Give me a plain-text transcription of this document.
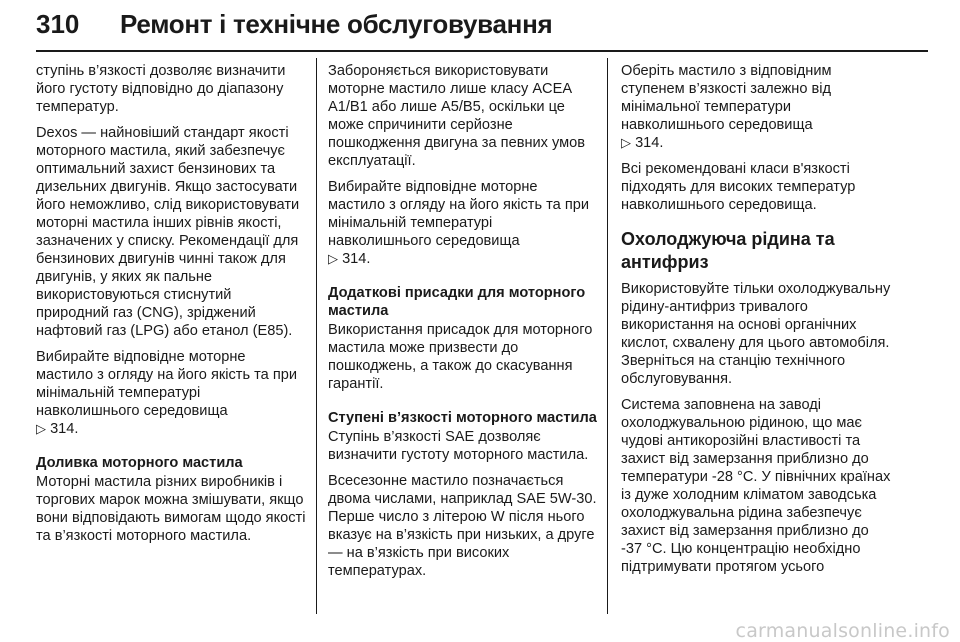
310	Ремонт і технічне обслуговування

ступінь в’язкості дозволяє визначити його густоту відповідно до діапазону температур.

Dexos — найновіший стандарт якості моторного мастила, який забезпечує оптимальний захист бензинових та дизельних двигунів. Якщо застосувати його неможливо, слід використовувати моторні мастила інших рівнів якості, зазначених у списку. Рекомендації для бензинових двигунів чинні також для двигунів, у яких як пальне використовуються стиснутий природний газ (CNG), зріджений нафтовий газ (LPG) або етанол (E85).

Вибирайте відповідне моторне мастило з огляду на його якість та при мінімальній температурі навколишнього середовища
▷ 314.

Доливка моторного мастила

Моторні мастила різних виробників і торгових марок можна змішувати, якщо вони відповідають вимогам щодо якості та в’язкості моторного мастила.

Забороняється використовувати моторне мастило лише класу ACEA A1/B1 або лише A5/B5, оскільки це може спричинити серйозне пошкодження двигуна за певних умов експлуатації.

Вибирайте відповідне моторне мастило з огляду на його якість та при мінімальній температурі навколишнього середовища
▷ 314.

Додаткові присадки для моторного мастила

Використання присадок для моторного мастила може призвести до пошкоджень, а також до скасування гарантії.

Ступені в’язкості моторного мастила

Ступінь в’язкості SAE дозволяє визначити густоту моторного мастила.

Всесезонне мастило позначається двома числами, наприклад SAE 5W-30. Перше число з літерою W після нього вказує на в’язкість при низьких, а друге — на в’язкість при високих температурах.

Оберіть мастило з відповідним ступенем в’язкості залежно від мінімальної температури навколишнього середовища
▷ 314.

Всі рекомендовані класи в'язкості підходять для високих температур навколишнього середовища.

Охолоджуюча рідина та антифриз

Використовуйте тільки охолоджувальну рідину-антифриз тривалого використання на основі органічних кислот, схвалену для цього автомобіля. Зверніться на станцію технічного обслуговування.

Система заповнена на заводі охолоджувальною рідиною, що має чудові антикорозійні властивості та захист від замерзання приблизно до температури -28 °C. У північних країнах із дуже холодним кліматом заводська охолоджувальна рідина забезпечує захист від замерзання приблизно до -37 °C. Цю концентрацію необхідно підтримувати протягом усього

carmanualsonline.info
